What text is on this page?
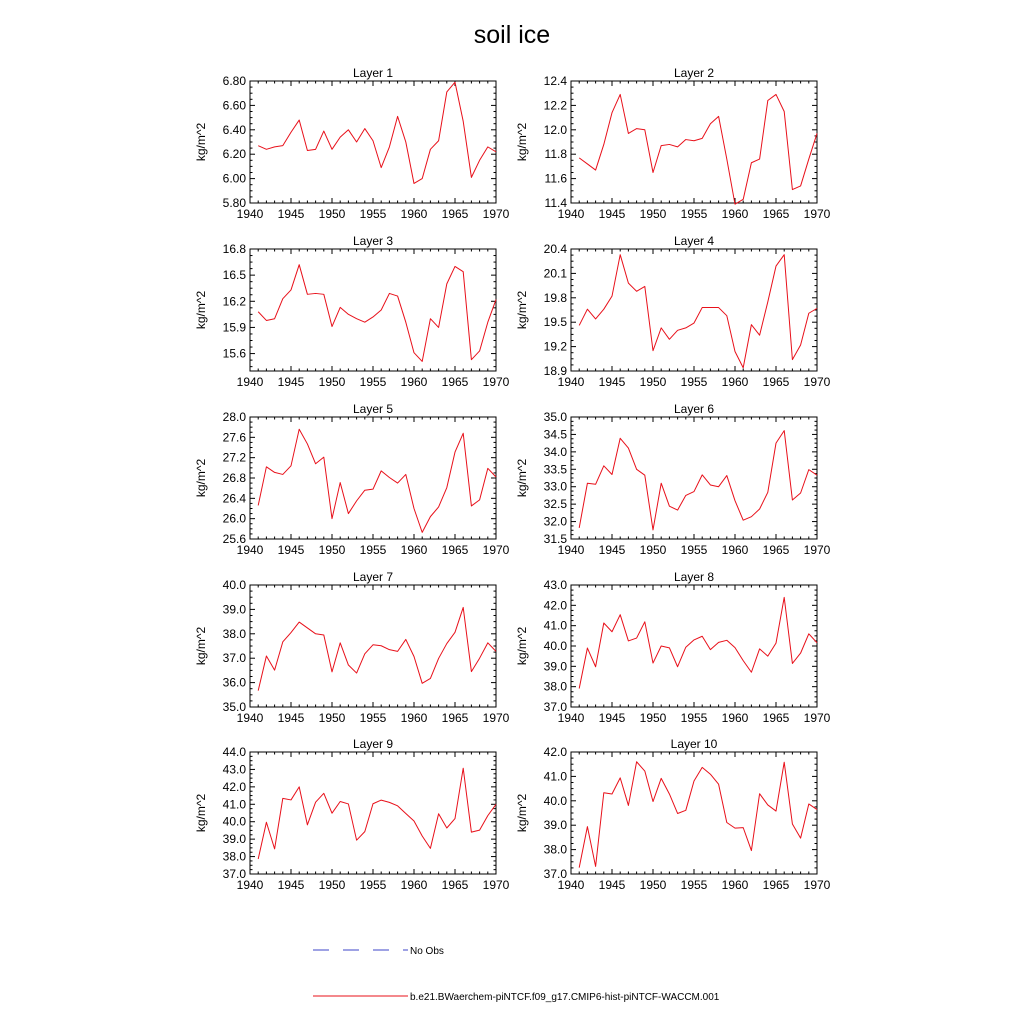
soil ice
Layer 1
kg/m^2
1940 1945 1950 1955 1960 1965 1970
5.80
6.00
6.20
6.40
6.60
6.80
Layer 2
kg/m^2
1940 1945 1950 1955 1960 1965 1970
11.4
11.6
11.8
12.0
12.2
12.4
Layer 3
kg/m^2
1940 1945 1950 1955 1960 1965 1970
15.6
15.9
16.2
16.5
16.8
Layer 4
kg/m^2
1940 1945 1950 1955 1960 1965 1970
18.9
19.2
19.5
19.8
20.1
20.4
Layer 5
kg/m^2
1940 1945 1950 1955 1960 1965 1970
25.6
26.0
26.4
26.8
27.2
27.6
28.0
Layer 6
kg/m^2
1940 1945 1950 1955 1960 1965 1970
31.5
32.0
32.5
33.0
33.5
34.0
34.5
35.0
Layer 7
kg/m^2
1940 1945 1950 1955 1960 1965 1970
35.0
36.0
37.0
38.0
39.0
40.0
Layer 8
kg/m^2
1940 1945 1950 1955 1960 1965 1970
37.0
38.0
39.0
40.0
41.0
42.0
43.0
Layer 9
kg/m^2
1940 1945 1950 1955 1960 1965 1970
37.0
38.0
39.0
40.0
41.0
42.0
43.0
44.0
Layer 10
kg/m^2
1940 1945 1950 1955 1960 1965 1970
37.0
38.0
39.0
40.0
41.0
42.0
No Obs
b.e21.BWaerchem-piNTCF.f09_g17.CMIP6-hist-piNTCF-WACCM.001
